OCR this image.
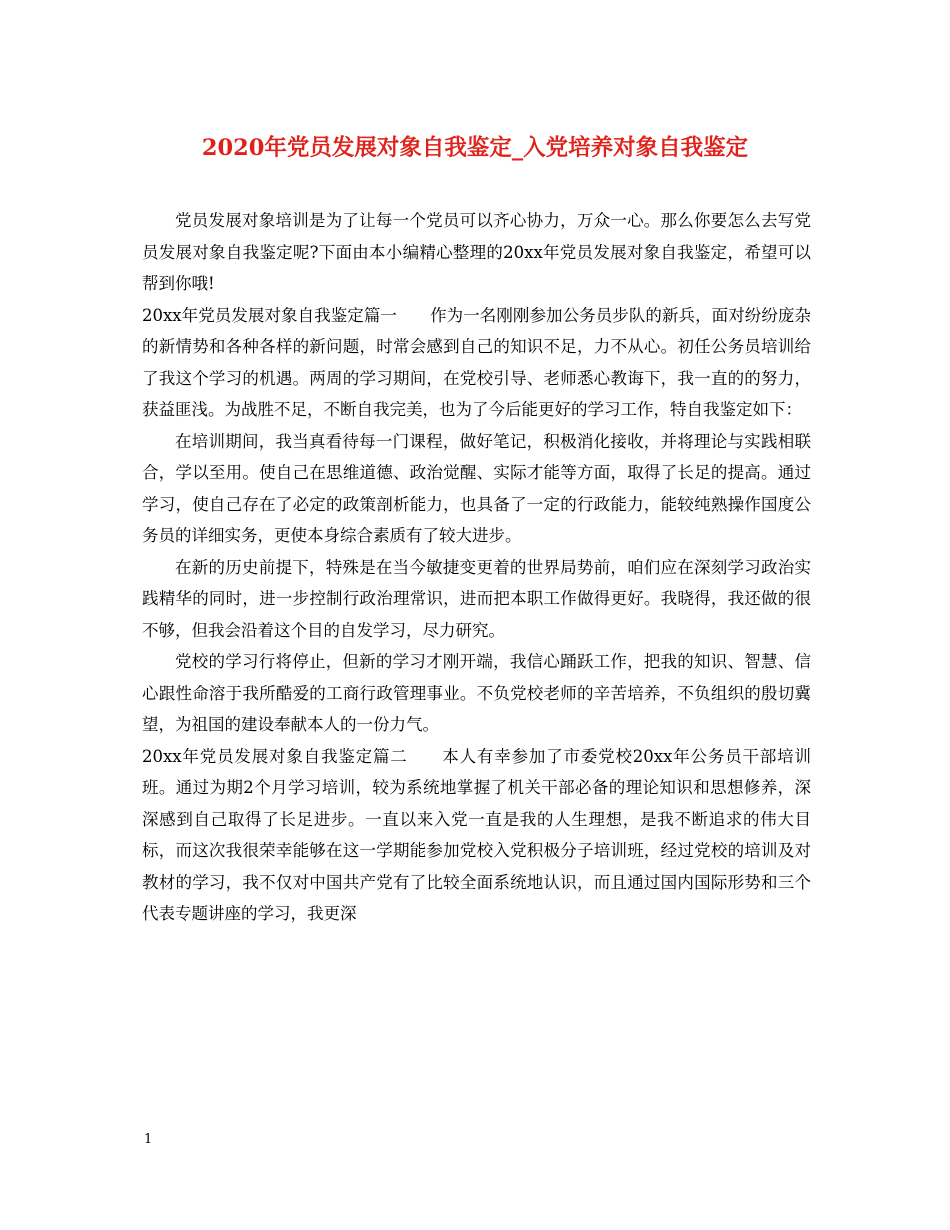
2020年党员发展对象自我鉴定_入党培养对象自我鉴定

党员发展对象培训是为了让每一个党员可以齐心协力，万众一心。那么你要怎么去写党员发展对象自我鉴定呢?下面由本小编精心整理的20xx年党员发展对象自我鉴定，希望可以帮到你哦!

20xx年党员发展对象自我鉴定篇一　　作为一名刚刚参加公务员步队的新兵，面对纷纷庞杂的新情势和各种各样的新问题，时常会感到自己的知识不足，力不从心。初任公务员培训给了我这个学习的机遇。两周的学习期间，在党校引导、老师悉心教诲下，我一直的的努力，获益匪浅。为战胜不足，不断自我完美，也为了今后能更好的学习工作，特自我鉴定如下：

在培训期间，我当真看待每一门课程，做好笔记，积极消化接收，并将理论与实践相联合，学以至用。使自己在思维道德、政治觉醒、实际才能等方面，取得了长足的提高。通过学习，使自己存在了必定的政策剖析能力，也具备了一定的行政能力，能较纯熟操作国度公务员的详细实务，更使本身综合素质有了较大进步。

在新的历史前提下，特殊是在当今敏捷变更着的世界局势前，咱们应在深刻学习政治实践精华的同时，进一步控制行政治理常识，进而把本职工作做得更好。我晓得，我还做的很不够，但我会沿着这个目的自发学习，尽力研究。

党校的学习行将停止，但新的学习才刚开端，我信心踊跃工作，把我的知识、智慧、信心跟性命溶于我所酷爱的工商行政管理事业。不负党校老师的辛苦培养，不负组织的殷切冀望，为祖国的建设奉献本人的一份力气。

20xx年党员发展对象自我鉴定篇二　　本人有幸参加了市委党校20xx年公务员干部培训班。通过为期2个月学习培训，较为系统地掌握了机关干部必备的理论知识和思想修养，深深感到自己取得了长足进步。一直以来入党一直是我的人生理想，是我不断追求的伟大目标，而这次我很荣幸能够在这一学期能参加党校入党积极分子培训班，经过党校的培训及对教材的学习，我不仅对中国共产党有了比较全面系统地认识，而且通过国内国际形势和三个代表专题讲座的学习，我更深

1
